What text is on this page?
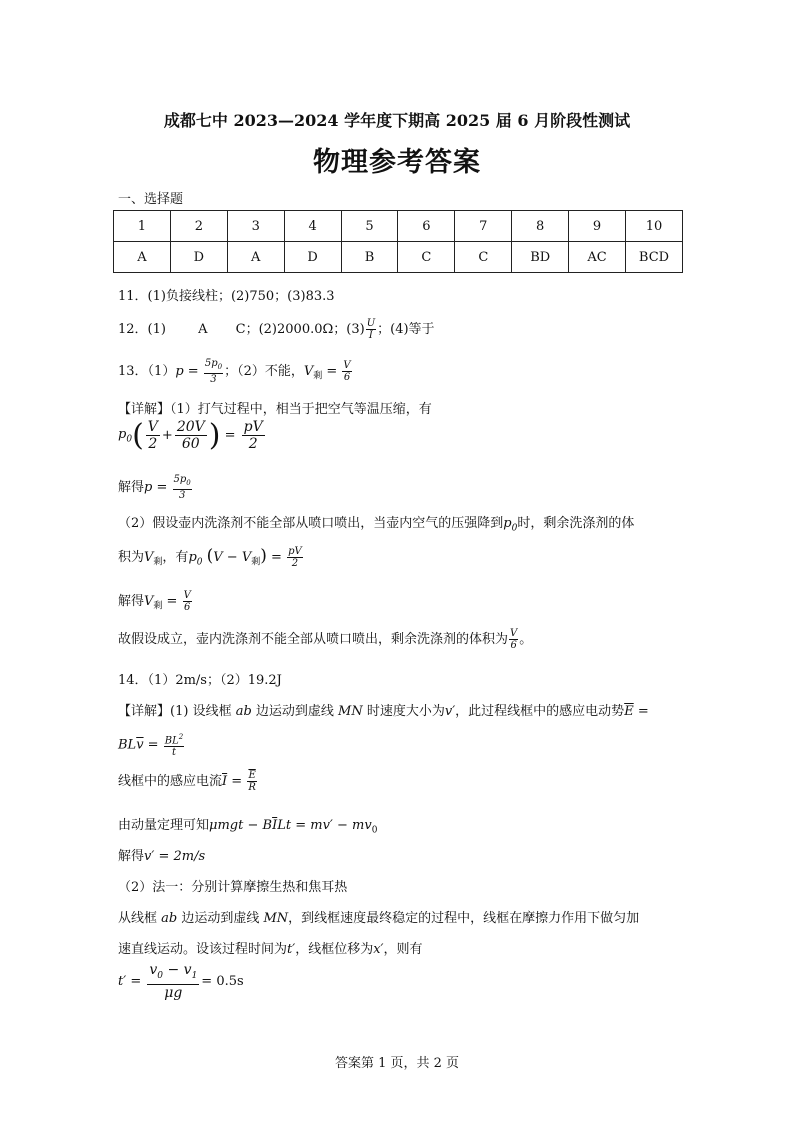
成都七中 2023—2024 学年度下期高 2025 届 6 月阶段性测试
物理参考答案
一、选择题
1	2	3	4	5	6	7	8	9	10
A	D	A	D	B	C	C	BD	AC	BCD
11．(1)负接线柱；(2)750；(3)83.3
12．(1) A C；(2)2000.0Ω；$(3) \frac{U}{I}$ ；(4)等于
13．$(1)p = \frac{5p_0}{3}$ ；（2）不能，$V_剩 = \frac{V}{6}$
【详解】（1）打气过程中，相当于把空气等温压缩，有
$p_0( \frac{V}{2} + \frac{20V}{60}$ ) = $\frac{pV}{2}$
解得$p = \frac{5p_0}{3}$
（2）假设壶内洗涤剂不能全部从喷口喷出，当壶内空气的压强降到$p_0$时，剩余洗涤剂的体
积为$V_剩$，有$p_0$ $(V - V_剩) = \frac{pV}{2}$
解得$V_剩 = \frac{V}{6}$
故假设成立，壶内洗涤剂不能全部从喷口喷出，剩余洗涤剂的体积为 $\frac{V}{6}$ 。
14．（1）2m/s；（2）19.2J
【详解】(1) 设线框 ab 边运动到虚线 MN 时速度大小为v′，此过程线框中的感应电动势$\overline{E}$ =
$BL\overline{v} = \frac{BL^2}{t}$
线框中的感应电流$\overline{I} = \frac{\overline{E}}{R}$
由动量定理可知$\mu mgt - B\overline{I}Lt = mv' - mv_0$
解得v′ = 2m/s
（2）法一：分别计算摩擦生热和焦耳热
从线框 ab 边运动到虚线 MN，到线框速度最终稳定的过程中，线框在摩擦力作用下做匀加
速直线运动。设该过程时间为t′，线框位移为x′，则有
$t' = \frac{v_0 - v_1}{\mu g} = 0.5s$
答案第 1 页，共 2 页
